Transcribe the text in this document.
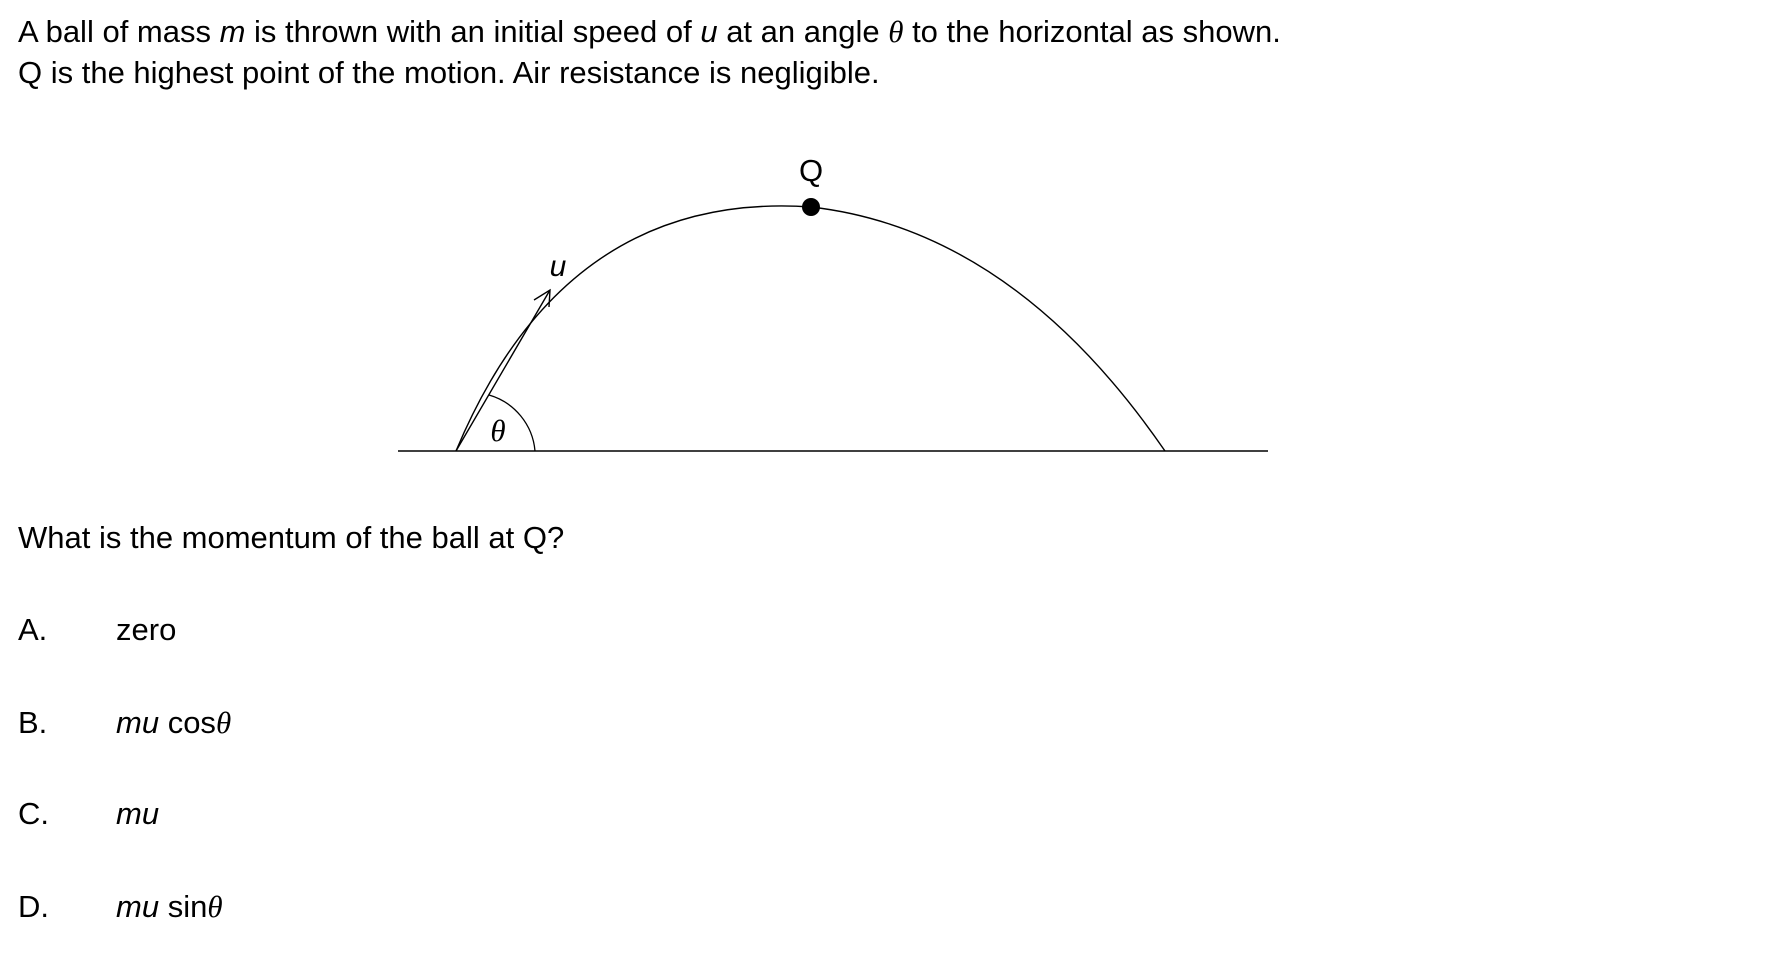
A ball of mass m is thrown with an initial speed of u at an angle θ to the horizontal as shown.
Q is the highest point of the motion. Air resistance is negligible.
Q
u
θ
What is the momentum of the ball at Q?
A. zero
B. mu cosθ
C. mu
D. mu sinθ
